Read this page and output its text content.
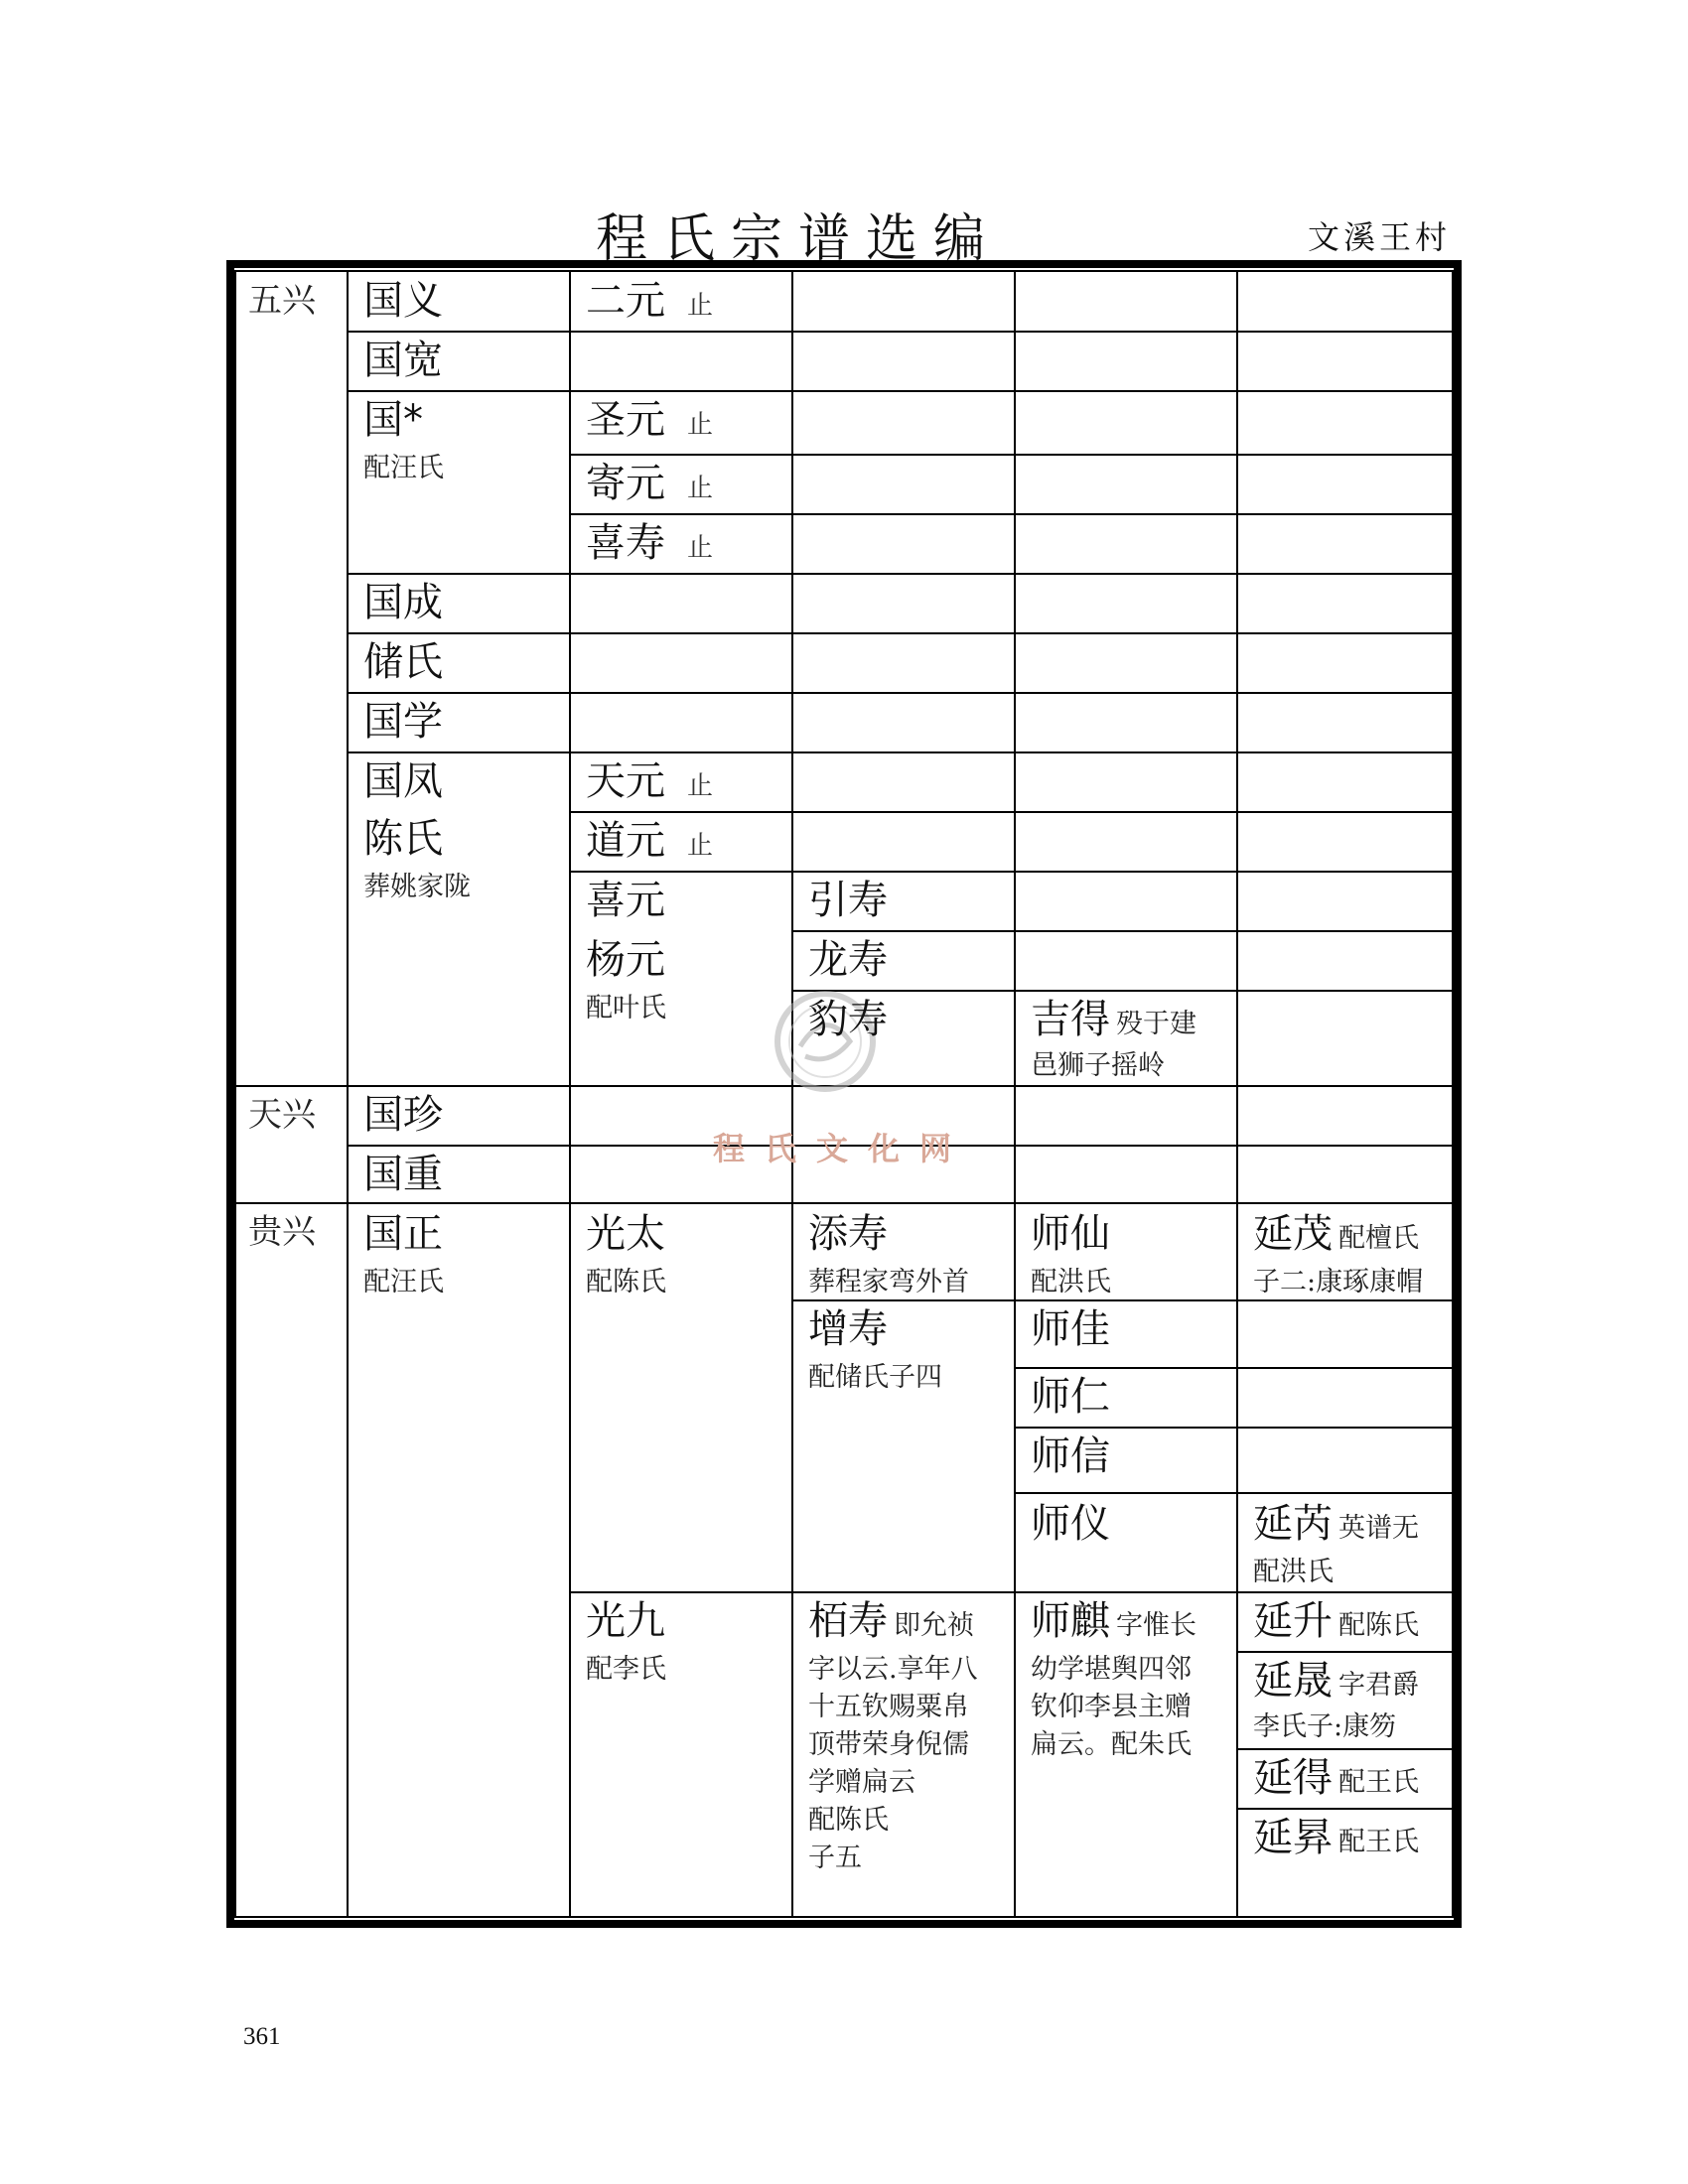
程氏宗谱选编	文溪王村
程氏文化网
五兴
天兴
贵兴
国义
国宽
国*
配汪氏
国成
储氏
国学
国凤
陈氏
葬姚家陇
国珍
国重
国正
配汪氏
二元 止
圣元 止
寄元 止
喜寿 止
天元 止
道元 止
喜元
杨元
配叶氏
光太
配陈氏
光九
配李氏
引寿
龙寿
豹寿
添寿
葬程家弯外首
增寿
配储氏子四
栢寿 即允祯
字以云.享年八
十五钦赐粟帛
顶带荣身倪儒
学赠扁云
配陈氏
子五
吉得 殁于建
邑狮子摇岭
师仙
配洪氏
师佳
师仁
师信
师仪
师麒 字惟长
幼学堪舆四邻
钦仰李县主赠
扁云。配朱氏
延茂 配檀氏
子二:康琢康帽
延芮 英谱无
配洪氏
延升 配陈氏
延晟 字君爵
李氏子:康笏
延得 配王氏
延昪 配王氏
361
